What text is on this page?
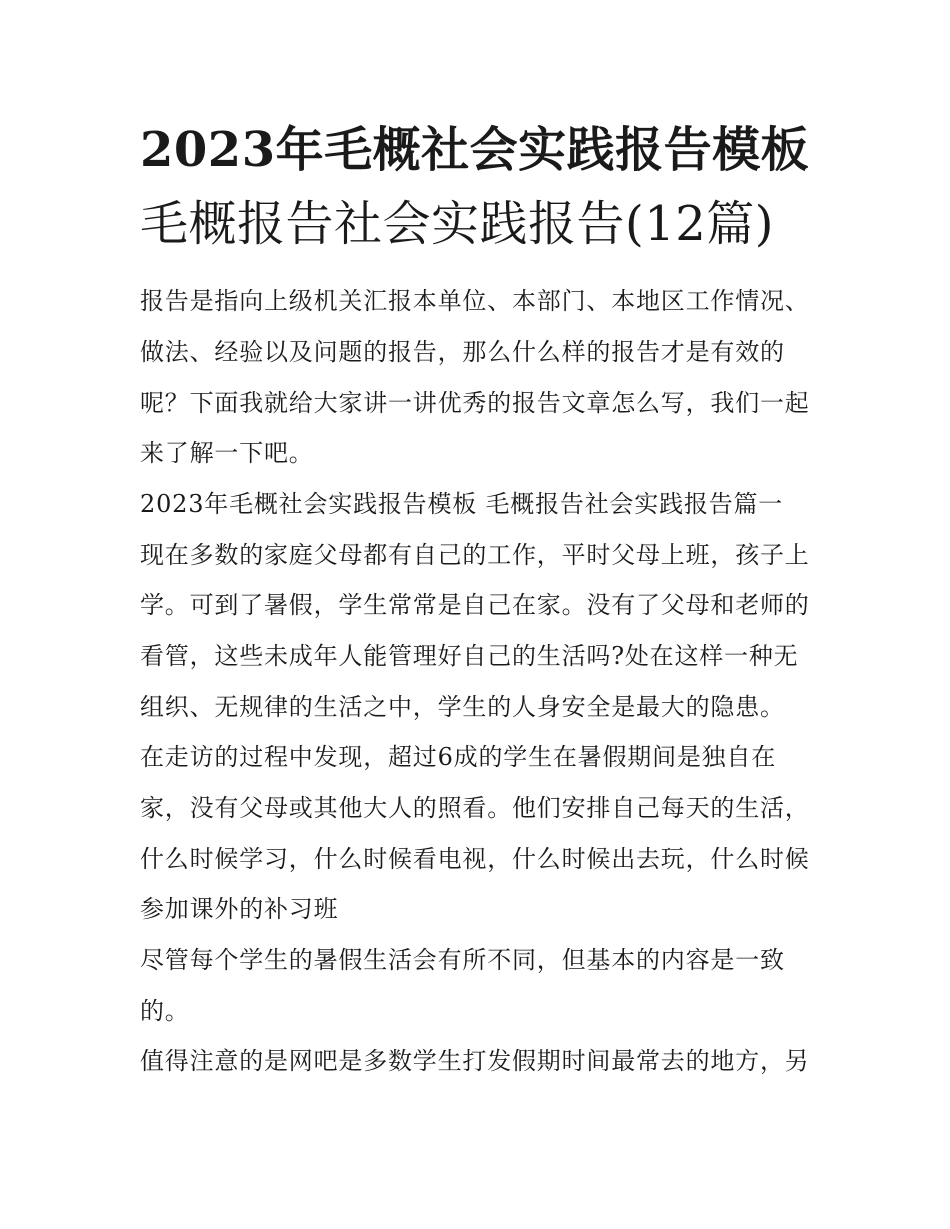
2023年毛概社会实践报告模板
毛概报告社会实践报告(12篇)
报告是指向上级机关汇报本单位、本部门、本地区工作情况、
做法、经验以及问题的报告，那么什么样的报告才是有效的
呢？下面我就给大家讲一讲优秀的报告文章怎么写，我们一起
来了解一下吧。
2023年毛概社会实践报告模板 毛概报告社会实践报告篇一
现在多数的家庭父母都有自己的工作，平时父母上班，孩子上
学。可到了暑假，学生常常是自己在家。没有了父母和老师的
看管，这些未成年人能管理好自己的生活吗?处在这样一种无
组织、无规律的生活之中，学生的人身安全是最大的隐患。
在走访的过程中发现，超过6成的学生在暑假期间是独自在
家，没有父母或其他大人的照看。他们安排自己每天的生活，
什么时候学习，什么时候看电视，什么时候出去玩，什么时候
参加课外的补习班
尽管每个学生的暑假生活会有所不同，但基本的内容是一致
的。
值得注意的是网吧是多数学生打发假期时间最常去的地方，另
